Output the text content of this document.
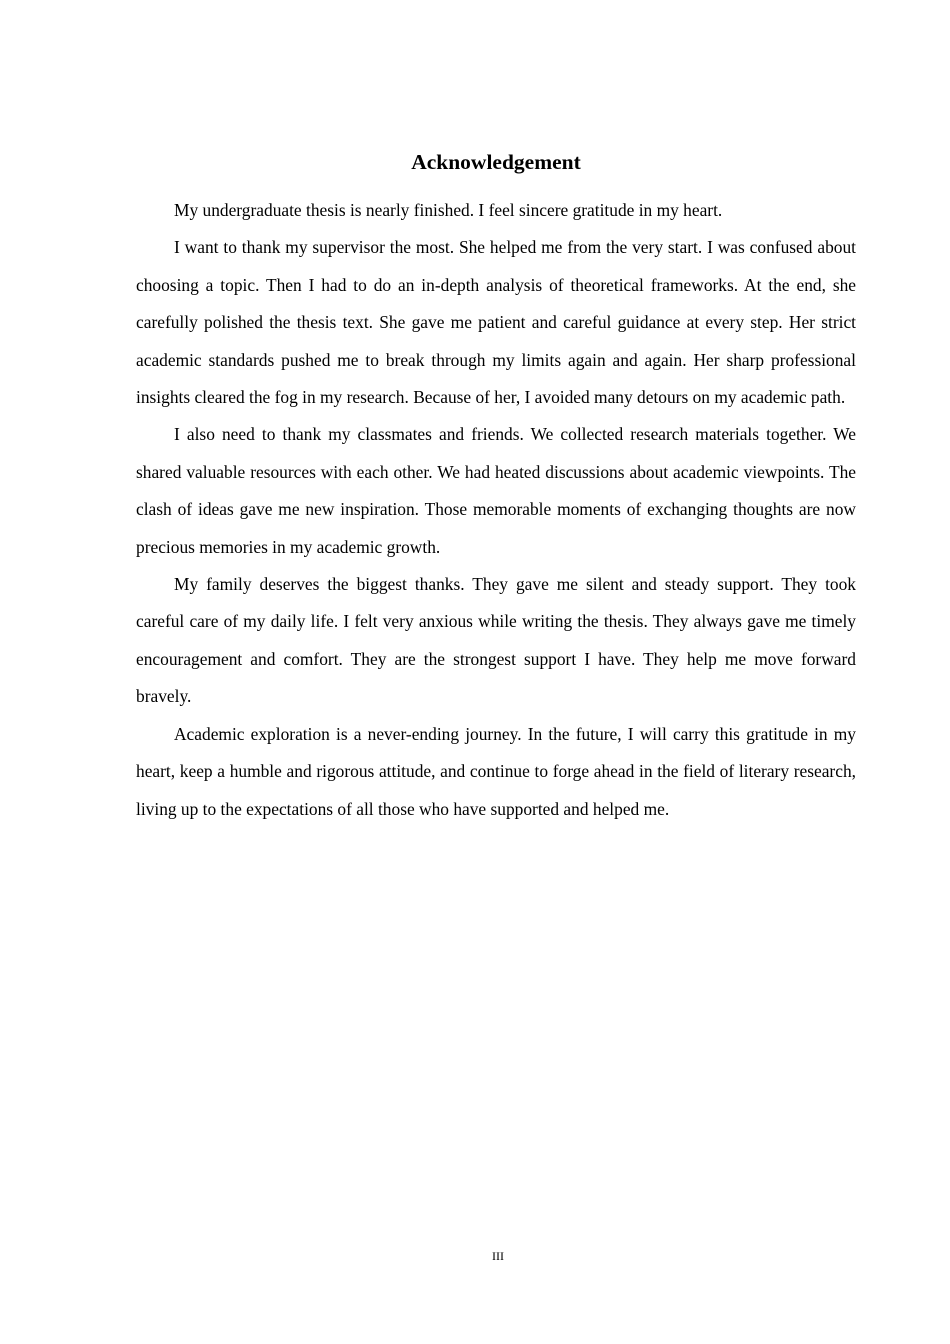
Acknowledgement

My undergraduate thesis is nearly finished. I feel sincere gratitude in my heart.

I want to thank my supervisor the most. She helped me from the very start. I was confused about choosing a topic. Then I had to do an in-depth analysis of theoretical frameworks. At the end, she carefully polished the thesis text. She gave me patient and careful guidance at every step. Her strict academic standards pushed me to break through my limits again and again. Her sharp professional insights cleared the fog in my research. Because of her, I avoided many detours on my academic path.

I also need to thank my classmates and friends. We collected research materials together. We shared valuable resources with each other. We had heated discussions about academic viewpoints. The clash of ideas gave me new inspiration. Those memorable moments of exchanging thoughts are now precious memories in my academic growth.

My family deserves the biggest thanks. They gave me silent and steady support. They took careful care of my daily life. I felt very anxious while writing the thesis. They always gave me timely encouragement and comfort. They are the strongest support I have. They help me move forward bravely.

Academic exploration is a never-ending journey. In the future, I will carry this gratitude in my heart, keep a humble and rigorous attitude, and continue to forge ahead in the field of literary research, living up to the expectations of all those who have supported and helped me.

III
